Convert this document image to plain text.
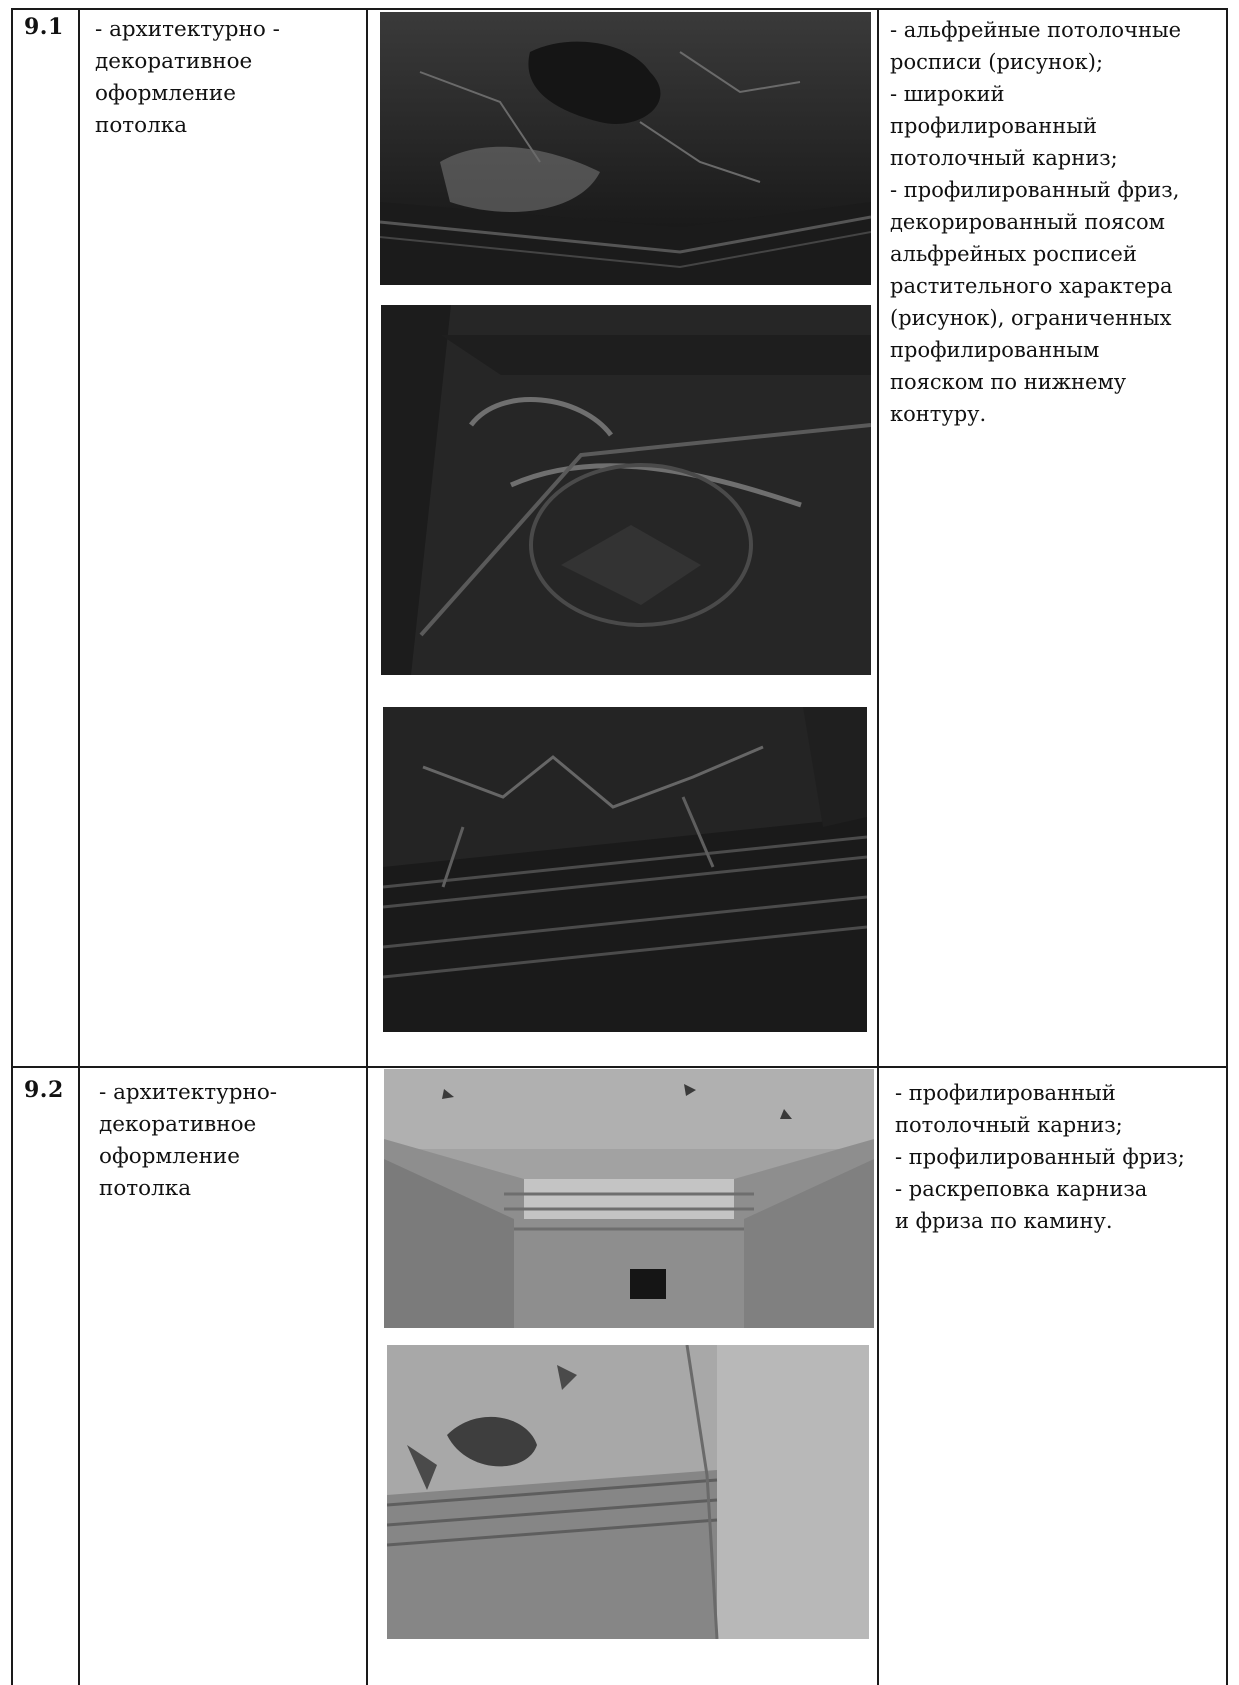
9.1 - архитектурно -
декоративное
оформление
потолка
- альфрейные потолочные
росписи (рисунок);
- широкий
профилированный
потолочный карниз;
- профилированный фриз,
декорированный поясом
альфрейных росписей
растительного характера
(рисунок), ограниченных
профилированным
пояском по нижнему
контуру.
9.2 - архитектурно-
декоративное
оформление
потолка
- профилированный
потолочный карниз;
- профилированный фриз;
- раскреповка карниза
и фриза по камину.
